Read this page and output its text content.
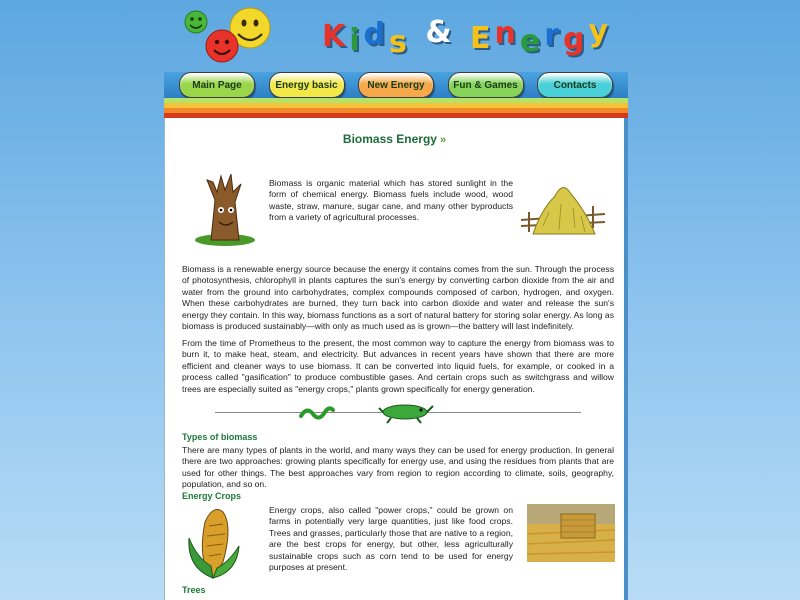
K i d s
&
E n e r g y
Main Page	Energy basic	New Energy	Fun & Games	Contacts
Biomass Energy »

Biomass is organic material which has stored sunlight in the form of chemical energy. Biomass fuels include wood, wood waste, straw, manure, sugar cane, and many other byproducts from a variety of agricultural processes.

Biomass is a renewable energy source because the energy it contains comes from the sun. Through the process of photosynthesis, chlorophyll in plants captures the sun's energy by converting carbon dioxide from the air and water from the ground into carbohydrates, complex compounds composed of carbon, hydrogen, and oxygen. When these carbohydrates are burned, they turn back into carbon dioxide and water and release the sun's energy they contain. In this way, biomass functions as a sort of natural battery for storing solar energy. As long as biomass is produced sustainably—with only as much used as is grown—the battery will last indefinitely.

From the time of Prometheus to the present, the most common way to capture the energy from biomass was to burn it, to make heat, steam, and electricity. But advances in recent years have shown that there are more efficient and cleaner ways to use biomass. It can be converted into liquid fuels, for example, or cooked in a process called "gasification" to produce combustible gases. And certain crops such as switchgrass and willow trees are especially suited as "energy crops," plants grown specifically for energy generation.

Types of biomass

There are many types of plants in the world, and many ways they can be used for energy production. In general there are two approaches: growing plants specifically for energy use, and using the residues from plants that are used for other things. The best approaches vary from region to region according to climate, soils, geography, population, and so on.

Energy Crops

Energy crops, also called "power crops," could be grown on farms in potentially very large quantities, just like food crops. Trees and grasses, particularly those that are native to a region, are the best crops for energy, but other, less agriculturally sustainable crops such as corn tend to be used for energy purposes at present.

Trees
